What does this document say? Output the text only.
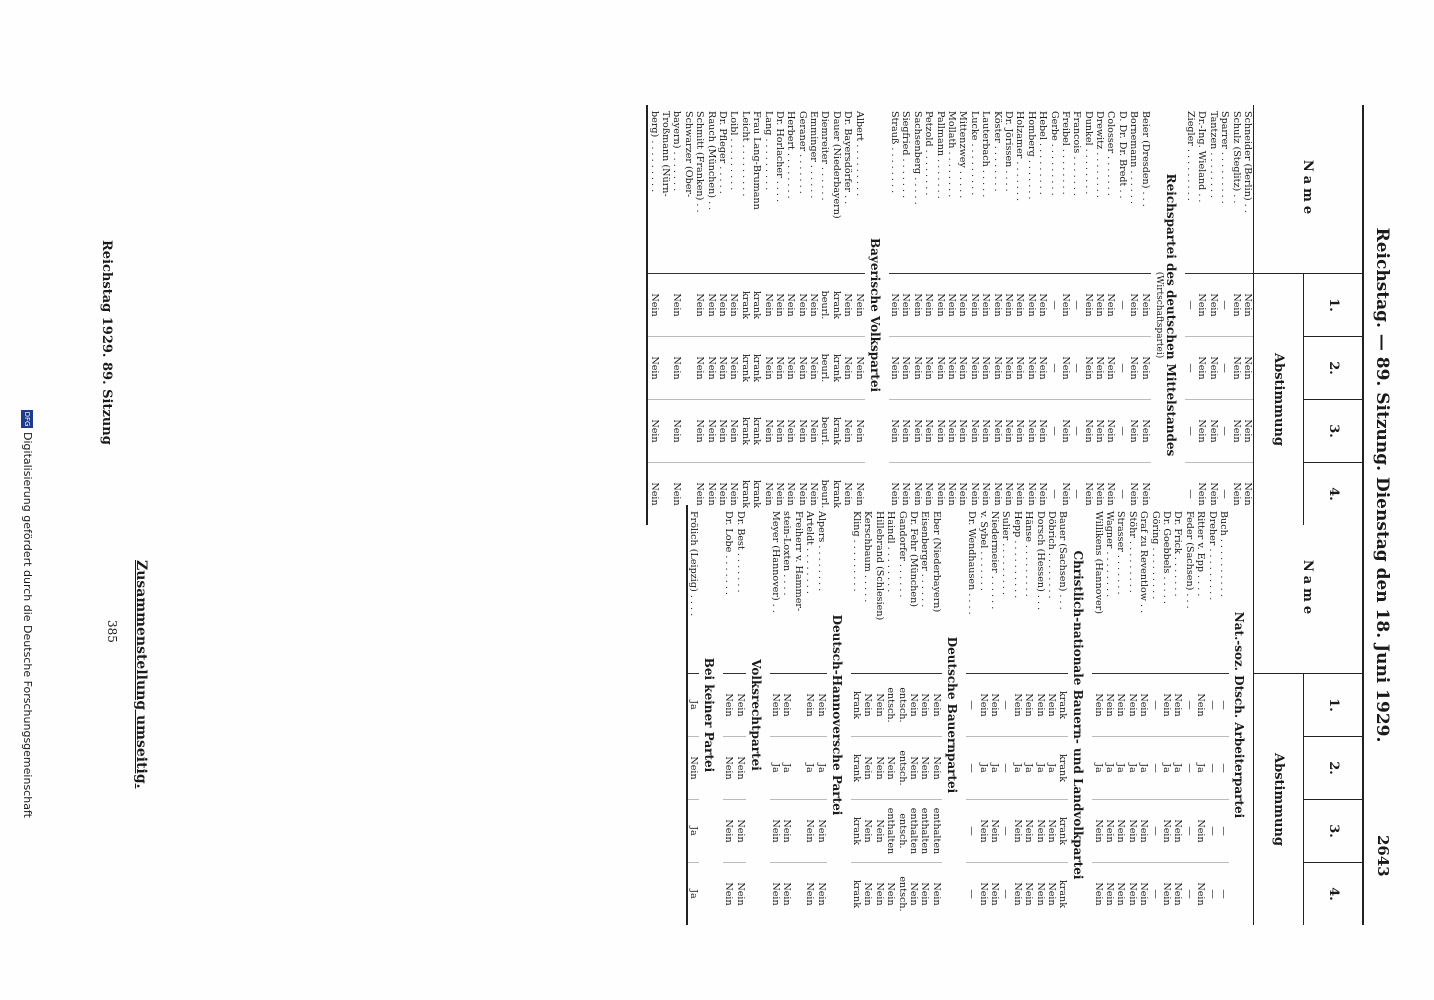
Reichstag. — 89. Sitzung. Dienstag den 18. Juni 1929.
2643
Name
1.
2.
3.
4.
Abstimmung
Schneider (Berlin) . .
Nein
Nein
Nein
Nein
Schulz (Steglitz) . .
Nein
Nein
Nein
Nein
Sparrer . . . . . . . . .
—
—
—
—
Tantzen . . . . . . . .
Nein
Nein
Nein
Nein
Dr.-Ing. Wieland . .
Nein
Nein
Nein
Nein
Ziegler . . . . . . . . .
—
—
—
—
Reichspartei des deutschen Mittelstandes
(Wirtschaftspartei)
Beier (Dresden) . . .
Nein
Nein
Nein
Nein
Bornemann . . . . . .
Nein
Nein
Nein
Nein
D. Dr. Dr. Bredt . .
—
—
—
—
Colosser . . . . . . .
Nein
Nein
Nein
Nein
Drewitz . . . . . . . .
Nein
Nein
Nein
Nein
Dunkel . . . . . . . .
Nein
Nein
Nein
Nein
Francois . . . . . . .
—
—
—
—
Freibel . . . . . . . .
Nein
Nein
Nein
Nein
Gerbe . . . . . . . . .
—
—
—
—
Hebel . . . . . . . . .
Nein
Nein
Nein
Nein
Homberg . . . . . . .
Nein
Nein
Nein
Nein
Holzamer . . . . . . .
Nein
Nein
Nein
Nein
Dr. Jörissen . . . .
Nein
Nein
Nein
Nein
Köster . . . . . . . .
Nein
Nein
Nein
Nein
Lauterbach . . . . .
Nein
Nein
Nein
Nein
Lucke . . . . . . . . .
Nein
Nein
Nein
Nein
Mittenzwey . . . . .
Nein
Nein
Nein
Nein
Mollath . . . . . . . .
Nein
Nein
Nein
Nein
Pallmann . . . . . . .
Nein
Nein
Nein
Nein
Petzold . . . . . . . .
Nein
Nein
Nein
Nein
Sachsenberg . . . . .
Nein
Nein
Nein
Nein
Siegfried . . . . . . .
Nein
Nein
Nein
Nein
Strauß . . . . . . . .
Nein
Nein
Nein
Nein
Bayerische Volkspartei
Albert . . . . . . . . .
Nein
Nein
Nein
Nein
Dr. Bayersdörfer . .
Nein
Nein
Nein
Nein
Dauer (Niederbayern)
krank
krank
krank
krank
Diemreiter . . . . . .
beurl.
beurl.
beurl.
beurl.
Emminger . . . . . .
Nein
Nein
Nein
Nein
Geraner . . . . . . .
Nein
Nein
Nein
Nein
Herbert . . . . . . . .
Nein
Nein
Nein
Nein
Dr. Horlacher . . . .
Nein
Nein
Nein
Nein
Lang . . . . . . . . .
Nein
Nein
Nein
Nein
Frau Lang-Brumann
krank
krank
krank
krank
Leicht . . . . . . . . .
krank
krank
krank
krank
Loibl . . . . . . . . .
Nein
Nein
Nein
Nein
Dr. Pfleger . . . . .
Nein
Nein
Nein
Nein
Rauch (München) . .
Nein
Nein
Nein
Nein
Schmitt (Franken) . .
Nein
Nein
Nein
Nein
Schwarzer (Ober-
bayern) . . . . . . .
Nein
Nein
Nein
Nein
Troßmann (Nürn-
berg) . . . . . . . . .
Nein
Nein
Nein
Nein
Name
1.
2.
3.
4.
Abstimmung
Nat.-soz. Dtsch. Arbeiterpartei
Buch . . . . . . . . . .
—
—
—
—
Dreher . . . . . . . . .
—
—
—
—
Ritter v. Epp . . . .
Nein
Ja
Nein
Nein
Feder (Sachsen) . . .
—
—
—
—
Dr. Frick . . . . . . .
Nein
Ja
Nein
Nein
Dr. Goebbels . . . . .
Nein
Ja
Nein
Nein
Göring . . . . . . . . .
—
—
—
—
Graf zu Reventlow . .
Nein
Ja
Nein
Nein
Stöhr . . . . . . . . .
Nein
Ja
Nein
Nein
Strasser . . . . . . .
Nein
Ja
Nein
Nein
Wagner . . . . . . . .
Nein
Ja
Nein
Nein
Willikens (Hannover)
Nein
Ja
Nein
Nein
Christlich-nationale Bauern- und Landvolkpartei
Bauer (Sachsen) . . .
krank
krank
krank
krank
Döbrich . . . . . . . .
Nein
Ja
Nein
Nein
Dorsch (Hessen) . . .
Nein
Ja
Nein
Nein
Hänse . . . . . . . . .
Nein
Ja
Nein
Nein
Hepp . . . . . . . . . .
Nein
Ja
Nein
Nein
Sulier . . . . . . . . .
—
—
—
—
Niedermeier . . . . . .
Nein
Ja
Nein
Nein
v. Sybel . . . . . . .
Nein
Ja
Nein
Nein
Dr. Wendhausen . . . .
—
—
—
—
Deutsche Bauernpartei
Eber (Niederbayern)
Nein
Nein
enthalten
Nein
Eisenberger . . . . . .
Nein
Nein
enthalten
Nein
Dr. Fehr (München)
Nein
Nein
enthalten
Nein
Gandorfer . . . . . .
entsch.
entsch.
entsch.
entsch.
Haindl . . . . . . . .
entsch.
Nein
enthalten
Nein
Hillebrand (Schlesien)
Nein
Nein
Nein
Nein
Kerschbaum . . . . .
Nein
Nein
Nein
Nein
Kling . . . . . . . . .
krank
krank
krank
krank
Deutsch-Hannoversche Partei
Alpers . . . . . . . .
Nein
Ja
Nein
Nein
Arteldt . . . . . . . .
Nein
Ja
Nein
Nein
Freiherr v. Hammer-
stein-Loxten . . . .
Nein
Ja
Nein
Nein
Meyer (Hannover) . .
Nein
Ja
Nein
Nein
Volksrechtpartei
Dr. Best . . . . . . .
Nein
Nein
Nein
Nein
Dr. Lobe . . . . . . .
Nein
Nein
Nein
Nein
Bei keiner Partei
Frölich (Leipzig) . . . .
Ja
Nein
Ja
Ja
Reichstag 1929. 89. Sitzung
Zusammenstellung umseitig.
385
DFGDigitalisierung gefördert durch die Deutsche Forschungsgemeinschaft
